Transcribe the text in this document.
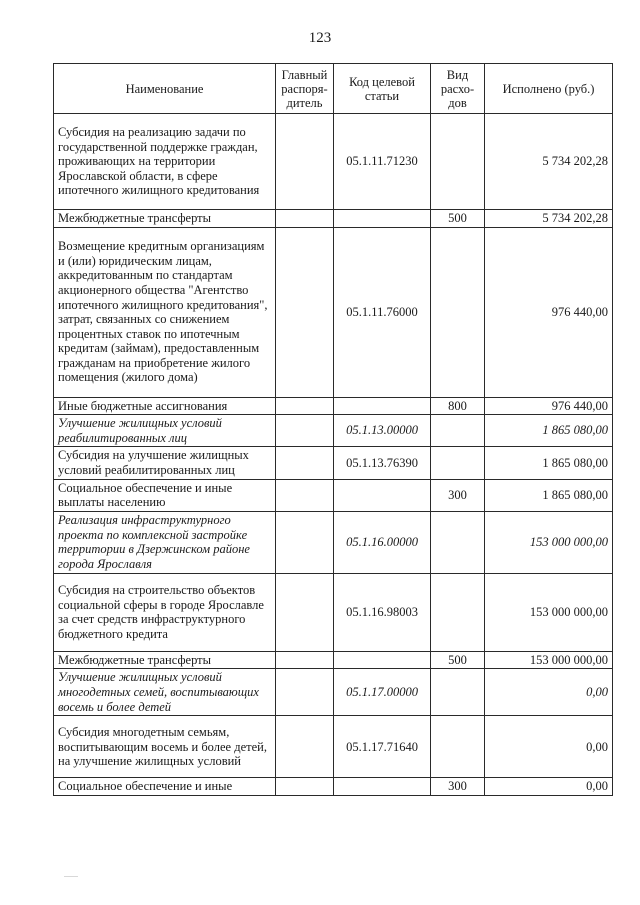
123
Наименование	Главный распоря-дитель	Код целевой статьи	Вид расхо-дов	Исполнено (руб.)
Субсидия на реализацию задачи по государственной поддержке граждан, проживающих на территории Ярославской области, в сфере ипотечного жилищного кредитования		05.1.11.71230		5 734 202,28
Межбюджетные трансферты			500	5 734 202,28
Возмещение кредитным организациям и (или) юридическим лицам, аккредитованным по стандартам акционерного общества "Агентство ипотечного жилищного кредитования", затрат, связанных со снижением процентных ставок по ипотечным кредитам (займам), предоставленным гражданам на приобретение жилого помещения (жилого дома)		05.1.11.76000		976 440,00
Иные бюджетные ассигнования			800	976 440,00
Улучшение жилищных условий реабилитированных лиц		05.1.13.00000		1 865 080,00
Субсидия на улучшение жилищных условий реабилитированных лиц		05.1.13.76390		1 865 080,00
Социальное обеспечение и иные выплаты населению			300	1 865 080,00
Реализация инфраструктурного проекта по комплексной застройке территории в Дзержинском районе города Ярославля		05.1.16.00000		153 000 000,00
Субсидия на строительство объектов социальной сферы в городе Ярославле за счет средств инфраструктурного бюджетного кредита		05.1.16.98003		153 000 000,00
Межбюджетные трансферты			500	153 000 000,00
Улучшение жилищных условий многодетных семей, воспитывающих восемь и более детей		05.1.17.00000		0,00
Субсидия многодетным семьям, воспитывающим восемь и более детей, на улучшение жилищных условий		05.1.17.71640		0,00
Социальное обеспечение и иные			300	0,00
